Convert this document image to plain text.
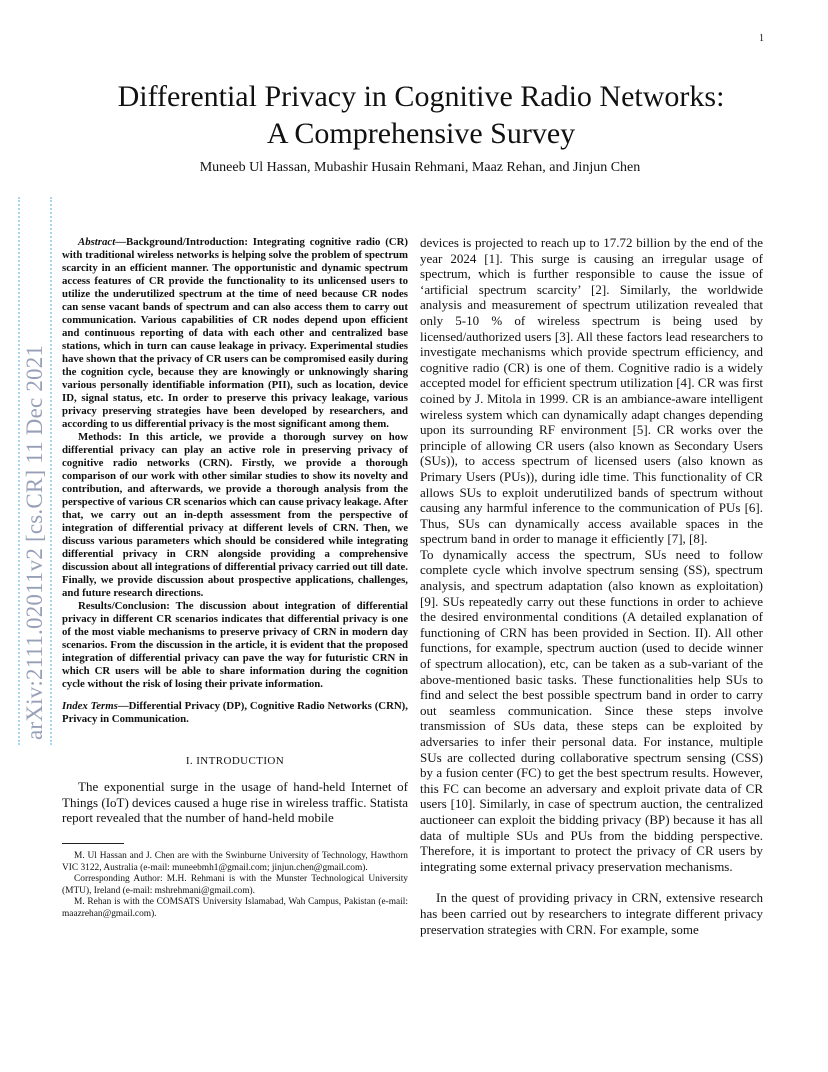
1
arXiv:2111.02011v2 [cs.CR] 11 Dec 2021
Differential Privacy in Cognitive Radio Networks:
A Comprehensive Survey
Muneeb Ul Hassan, Mubashir Husain Rehmani, Maaz Rehan, and Jinjun Chen

Abstract—Background/Introduction: Integrating cognitive radio (CR) with traditional wireless networks is helping solve the problem of spectrum scarcity in an efficient manner. The opportunistic and dynamic spectrum access features of CR provide the functionality to its unlicensed users to utilize the underutilized spectrum at the time of need because CR nodes can sense vacant bands of spectrum and can also access them to carry out communication. Various capabilities of CR nodes depend upon efficient and continuous reporting of data with each other and centralized base stations, which in turn can cause leakage in privacy. Experimental studies have shown that the privacy of CR users can be compromised easily during the cognition cycle, because they are knowingly or unknowingly sharing various personally identifiable information (PII), such as location, device ID, signal status, etc. In order to preserve this privacy leakage, various privacy preserving strategies have been developed by researchers, and according to us differential privacy is the most significant among them.

Methods: In this article, we provide a thorough survey on how differential privacy can play an active role in preserving privacy of cognitive radio networks (CRN). Firstly, we provide a thorough comparison of our work with other similar studies to show its novelty and contribution, and afterwards, we provide a thorough analysis from the perspective of various CR scenarios which can cause privacy leakage. After that, we carry out an in-depth assessment from the perspective of integration of differential privacy at different levels of CRN. Then, we discuss various parameters which should be considered while integrating differential privacy in CRN alongside providing a comprehensive discussion about all integrations of differential privacy carried out till date. Finally, we provide discussion about prospective applications, challenges, and future research directions.

Results/Conclusion: The discussion about integration of differential privacy in different CR scenarios indicates that differential privacy is one of the most viable mechanisms to preserve privacy of CRN in modern day scenarios. From the discussion in the article, it is evident that the proposed integration of differential privacy can pave the way for futuristic CRN in which CR users will be able to share information during the cognition cycle without the risk of losing their private information.

Index Terms—Differential Privacy (DP), Cognitive Radio Networks (CRN), Privacy in Communication.

I. INTRODUCTION

The exponential surge in the usage of hand-held Internet of Things (IoT) devices caused a huge rise in wireless traffic. Statista report revealed that the number of hand-held mobile

M. Ul Hassan and J. Chen are with the Swinburne University of Technology, Hawthorn VIC 3122, Australia (e-mail: muneebmh1@gmail.com; jinjun.chen@gmail.com).

Corresponding Author: M.H. Rehmani is with the Munster Technological University (MTU), Ireland (e-mail: mshrehmani@gmail.com).

M. Rehan is with the COMSATS University Islamabad, Wah Campus, Pakistan (e-mail: maazrehan@gmail.com).

devices is projected to reach up to 17.72 billion by the end of the year 2024 [1]. This surge is causing an irregular usage of spectrum, which is further responsible to cause the issue of ‘artificial spectrum scarcity’ [2]. Similarly, the worldwide analysis and measurement of spectrum utilization revealed that only 5-10 % of wireless spectrum is being used by licensed/authorized users [3]. All these factors lead researchers to investigate mechanisms which provide spectrum efficiency, and cognitive radio (CR) is one of them. Cognitive radio is a widely accepted model for efficient spectrum utilization [4]. CR was first coined by J. Mitola in 1999. CR is an ambiance-aware intelligent wireless system which can dynamically adapt changes depending upon its surrounding RF environment [5]. CR works over the principle of allowing CR users (also known as Secondary Users (SUs)), to access spectrum of licensed users (also known as Primary Users (PUs)), during idle time. This functionality of CR allows SUs to exploit underutilized bands of spectrum without causing any harmful inference to the communication of PUs [6]. Thus, SUs can dynamically access available spaces in the spectrum band in order to manage it efficiently [7], [8].

To dynamically access the spectrum, SUs need to follow complete cycle which involve spectrum sensing (SS), spectrum analysis, and spectrum adaptation (also known as exploitation) [9]. SUs repeatedly carry out these functions in order to achieve the desired environmental conditions (A detailed explanation of functioning of CRN has been provided in Section. II). All other functions, for example, spectrum auction (used to decide winner of spectrum allocation), etc, can be taken as a sub-variant of the above-mentioned basic tasks. These functionalities help SUs to find and select the best possible spectrum band in order to carry out seamless communication. Since these steps involve transmission of SUs data, these steps can be exploited by adversaries to infer their personal data. For instance, multiple SUs are collected during collaborative spectrum sensing (CSS) by a fusion center (FC) to get the best spectrum results. However, this FC can become an adversary and exploit private data of CR users [10]. Similarly, in case of spectrum auction, the centralized auctioneer can exploit the bidding privacy (BP) because it has all data of multiple SUs and PUs from the bidding perspective. Therefore, it is important to protect the privacy of CR users by integrating some external privacy preservation mechanisms.

In the quest of providing privacy in CRN, extensive research has been carried out by researchers to integrate different privacy preservation strategies with CRN. For example, some
